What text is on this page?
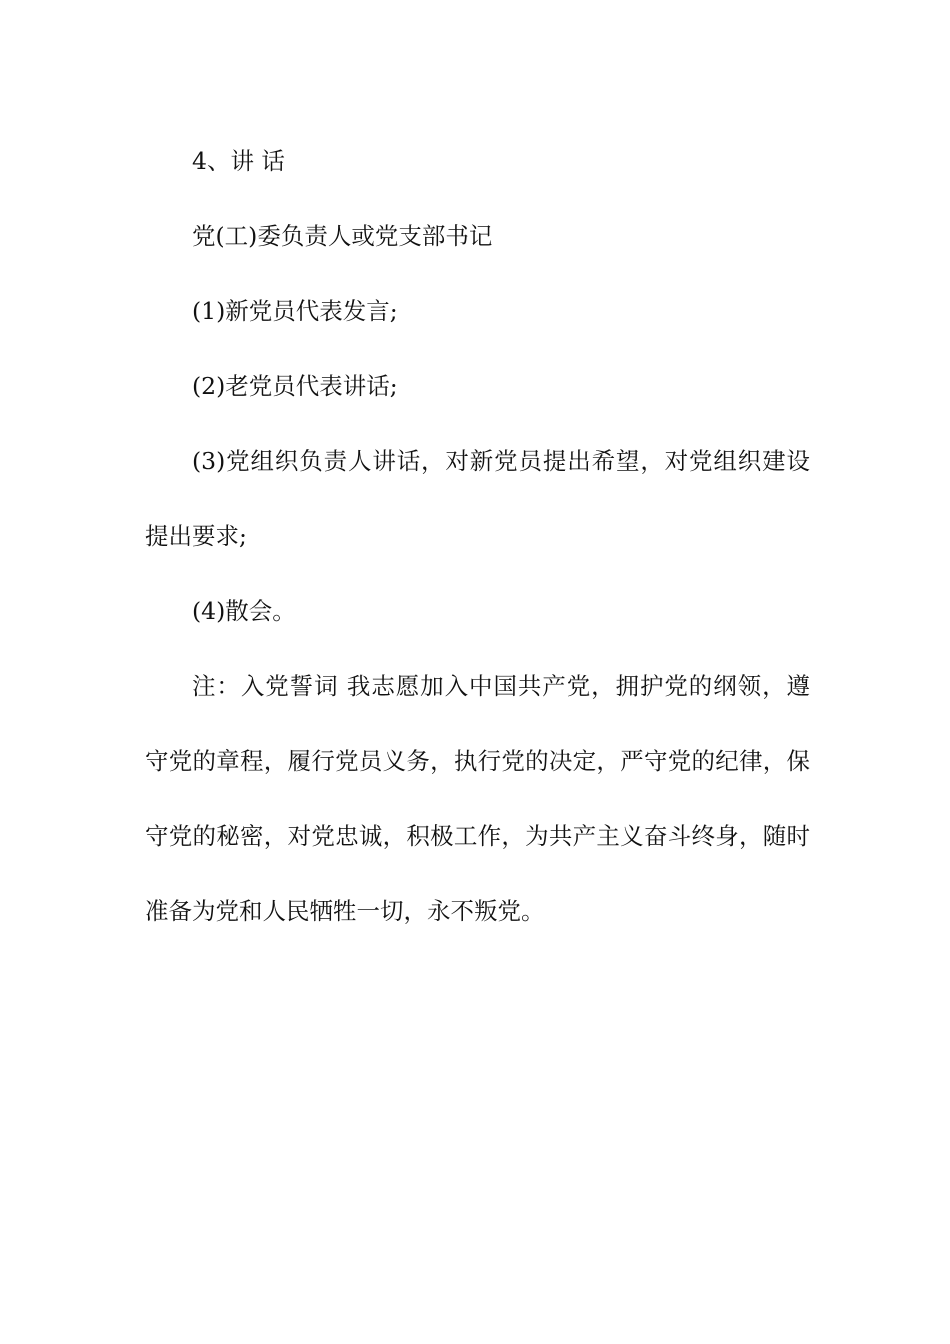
4、讲 话

党(工)委负责人或党支部书记

(1)新党员代表发言;

(2)老党员代表讲话;

(3)党组织负责人讲话，对新党员提出希望，对党组织建设提出要求;

(4)散会。

注：入党誓词 我志愿加入中国共产党，拥护党的纲领，遵守党的章程，履行党员义务，执行党的决定，严守党的纪律，保守党的秘密，对党忠诚，积极工作，为共产主义奋斗终身，随时准备为党和人民牺牲一切，永不叛党。
